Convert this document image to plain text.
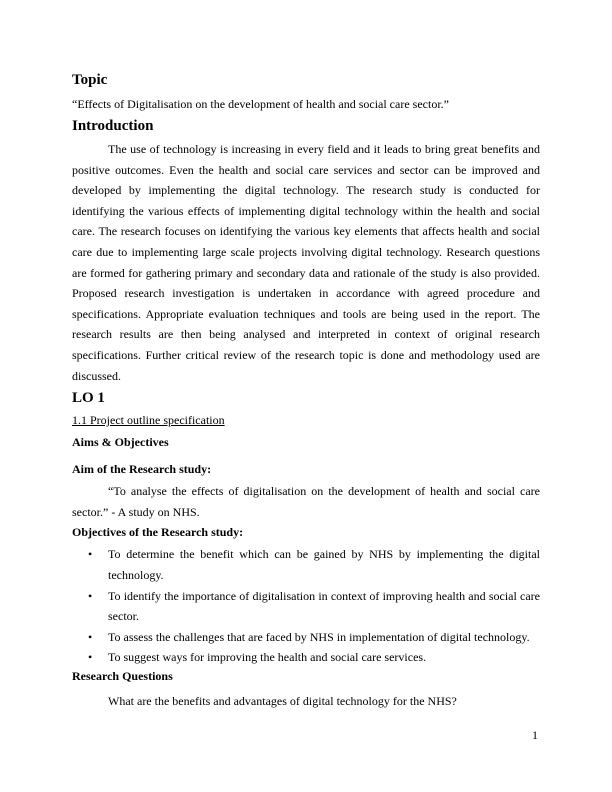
Topic

“Effects of Digitalisation on the development of health and social care sector.”

Introduction

The use of technology is increasing in every field and it leads to bring great benefits and positive outcomes. Even the health and social care services and sector can be improved and developed by implementing the digital technology. The research study is conducted for identifying the various effects of implementing digital technology within the health and social care. The research focuses on identifying the various key elements that affects health and social care due to implementing large scale projects involving digital technology. Research questions are formed for gathering primary and secondary data and rationale of the study is also provided. Proposed research investigation is undertaken in accordance with agreed procedure and specifications. Appropriate evaluation techniques and tools are being used in the report. The research results are then being analysed and interpreted in context of original research specifications. Further critical review of the research topic is done and methodology used are discussed.

LO 1

1.1 Project outline specification

Aims & Objectives

Aim of the Research study:

“To analyse the effects of digitalisation on the development of health and social care sector.” - A study on NHS.

Objectives of the Research study:

• To determine the benefit which can be gained by NHS by implementing the digital technology.
• To identify the importance of digitalisation in context of improving health and social care sector.
• To assess the challenges that are faced by NHS in implementation of digital technology.
• To suggest ways for improving the health and social care services.

Research Questions

What are the benefits and advantages of digital technology for the NHS?
1
